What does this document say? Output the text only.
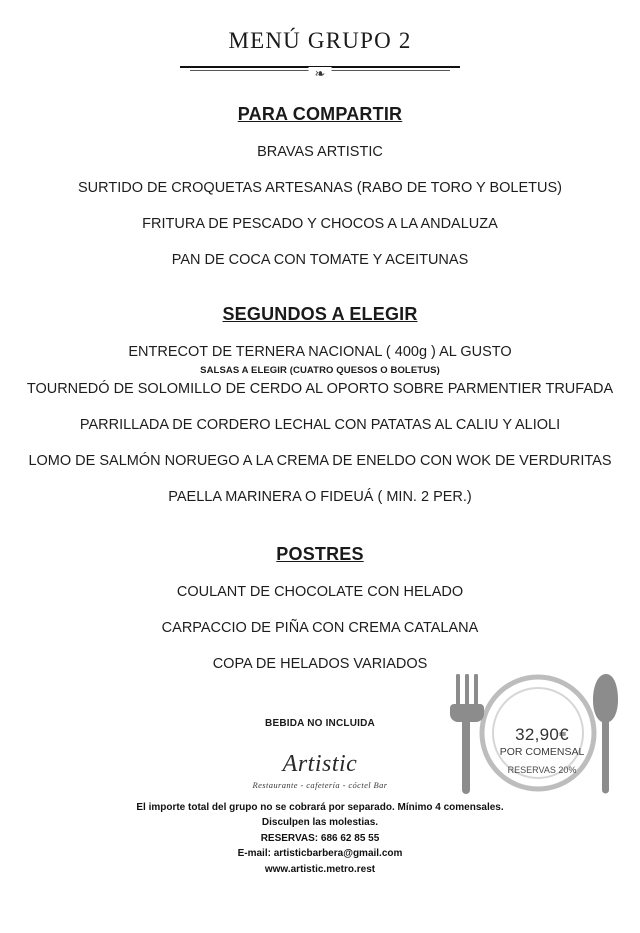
MENÚ GRUPO 2
❧
PARA COMPARTIR
BRAVAS ARTISTIC
SURTIDO DE CROQUETAS ARTESANAS (RABO DE TORO Y BOLETUS)
FRITURA DE PESCADO Y CHOCOS A LA ANDALUZA
PAN DE COCA CON TOMATE Y ACEITUNAS
SEGUNDOS A ELEGIR
ENTRECOT DE TERNERA NACIONAL ( 400g ) AL GUSTO
SALSAS A ELEGIR (CUATRO QUESOS O BOLETUS)
TOURNEDÓ DE SOLOMILLO DE CERDO AL OPORTO SOBRE PARMENTIER TRUFADA
PARRILLADA DE CORDERO LECHAL CON PATATAS AL CALIU Y ALIOLI
LOMO DE SALMÓN NORUEGO A LA CREMA DE ENELDO CON WOK DE VERDURITAS
PAELLA MARINERA O FIDEUÁ ( MIN. 2 PER.)
POSTRES
COULANT DE CHOCOLATE CON HELADO
CARPACCIO DE PIÑA CON CREMA CATALANA
COPA DE HELADOS VARIADOS
BEBIDA NO INCLUIDA
Artistic
Restaurante - cafetería - cóctel Bar
El importe total del grupo no se cobrará por separado. Mínimo 4 comensales.
Disculpen las molestias.
RESERVAS: 686 62 85 55
E-mail: artisticbarbera@gmail.com
www.artistic.metro.rest
32,90€
POR COMENSAL
RESERVAS 20%
